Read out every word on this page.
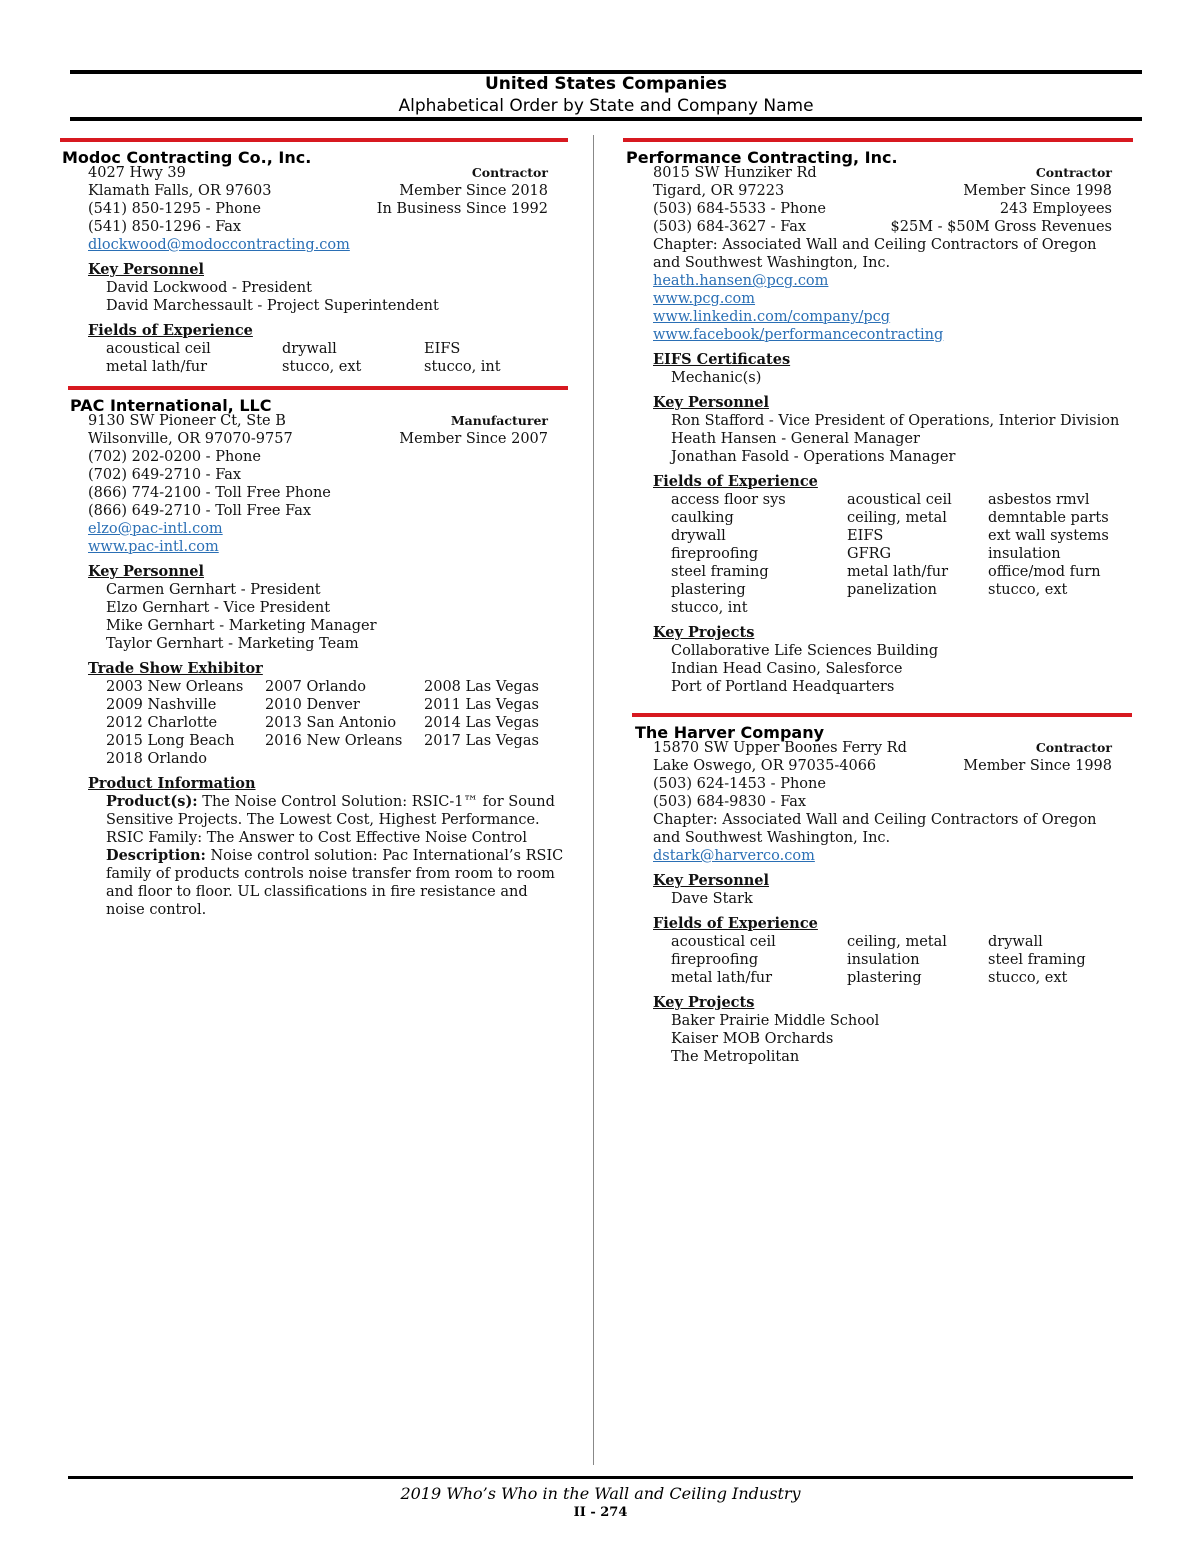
United States Companies
Alphabetical Order by State and Company Name
Modoc Contracting Co., Inc.
4027 Hwy 39	Contractor
Klamath Falls, OR 97603	Member Since 2018
(541) 850-1295 - Phone	In Business Since 1992
(541) 850-1296 - Fax
dlockwood@modoccontracting.com
Key Personnel
David Lockwood - President
David Marchessault - Project Superintendent
Fields of Experience
acoustical ceil	drywall	EIFS
metal lath/fur	stucco, ext	stucco, int
PAC International, LLC
9130 SW Pioneer Ct, Ste B	Manufacturer
Wilsonville, OR 97070-9757	Member Since 2007
(702) 202-0200 - Phone
(702) 649-2710 - Fax
(866) 774-2100 - Toll Free Phone
(866) 649-2710 - Toll Free Fax
elzo@pac-intl.com
www.pac-intl.com
Key Personnel
Carmen Gernhart - President
Elzo Gernhart - Vice President
Mike Gernhart - Marketing Manager
Taylor Gernhart - Marketing Team
Trade Show Exhibitor
2003 New Orleans	2007 Orlando	2008 Las Vegas
2009 Nashville	2010 Denver	2011 Las Vegas
2012 Charlotte	2013 San Antonio	2014 Las Vegas
2015 Long Beach	2016 New Orleans	2017 Las Vegas
2018 Orlando
Product Information
Product(s): The Noise Control Solution: RSIC-1™ for Sound Sensitive Projects. The Lowest Cost, Highest Performance. RSIC Family: The Answer to Cost Effective Noise Control
Description: Noise control solution: Pac International’s RSIC family of products controls noise transfer from room to room and floor to floor. UL classifications in fire resistance and noise control.
Performance Contracting, Inc.
8015 SW Hunziker Rd	Contractor
Tigard, OR 97223	Member Since 1998
(503) 684-5533 - Phone	243 Employees
(503) 684-3627 - Fax	$25M - $50M Gross Revenues
Chapter: Associated Wall and Ceiling Contractors of Oregon and Southwest Washington, Inc.
heath.hansen@pcg.com
www.pcg.com
www.linkedin.com/company/pcg
www.facebook/performancecontracting
EIFS Certificates
Mechanic(s)
Key Personnel
Ron Stafford - Vice President of Operations, Interior Division
Heath Hansen - General Manager
Jonathan Fasold - Operations Manager
Fields of Experience
access floor sys	acoustical ceil	asbestos rmvl
caulking	ceiling, metal	demntable parts
drywall	EIFS	ext wall systems
fireproofing	GFRG	insulation
steel framing	metal lath/fur	office/mod furn
plastering	panelization	stucco, ext
stucco, int
Key Projects
Collaborative Life Sciences Building
Indian Head Casino, Salesforce
Port of Portland Headquarters
The Harver Company
15870 SW Upper Boones Ferry Rd	Contractor
Lake Oswego, OR 97035-4066	Member Since 1998
(503) 624-1453 - Phone
(503) 684-9830 - Fax
Chapter: Associated Wall and Ceiling Contractors of Oregon and Southwest Washington, Inc.
dstark@harverco.com
Key Personnel
Dave Stark
Fields of Experience
acoustical ceil	ceiling, metal	drywall
fireproofing	insulation	steel framing
metal lath/fur	plastering	stucco, ext
Key Projects
Baker Prairie Middle School
Kaiser MOB Orchards
The Metropolitan
2019 Who’s Who in the Wall and Ceiling Industry
II - 274
